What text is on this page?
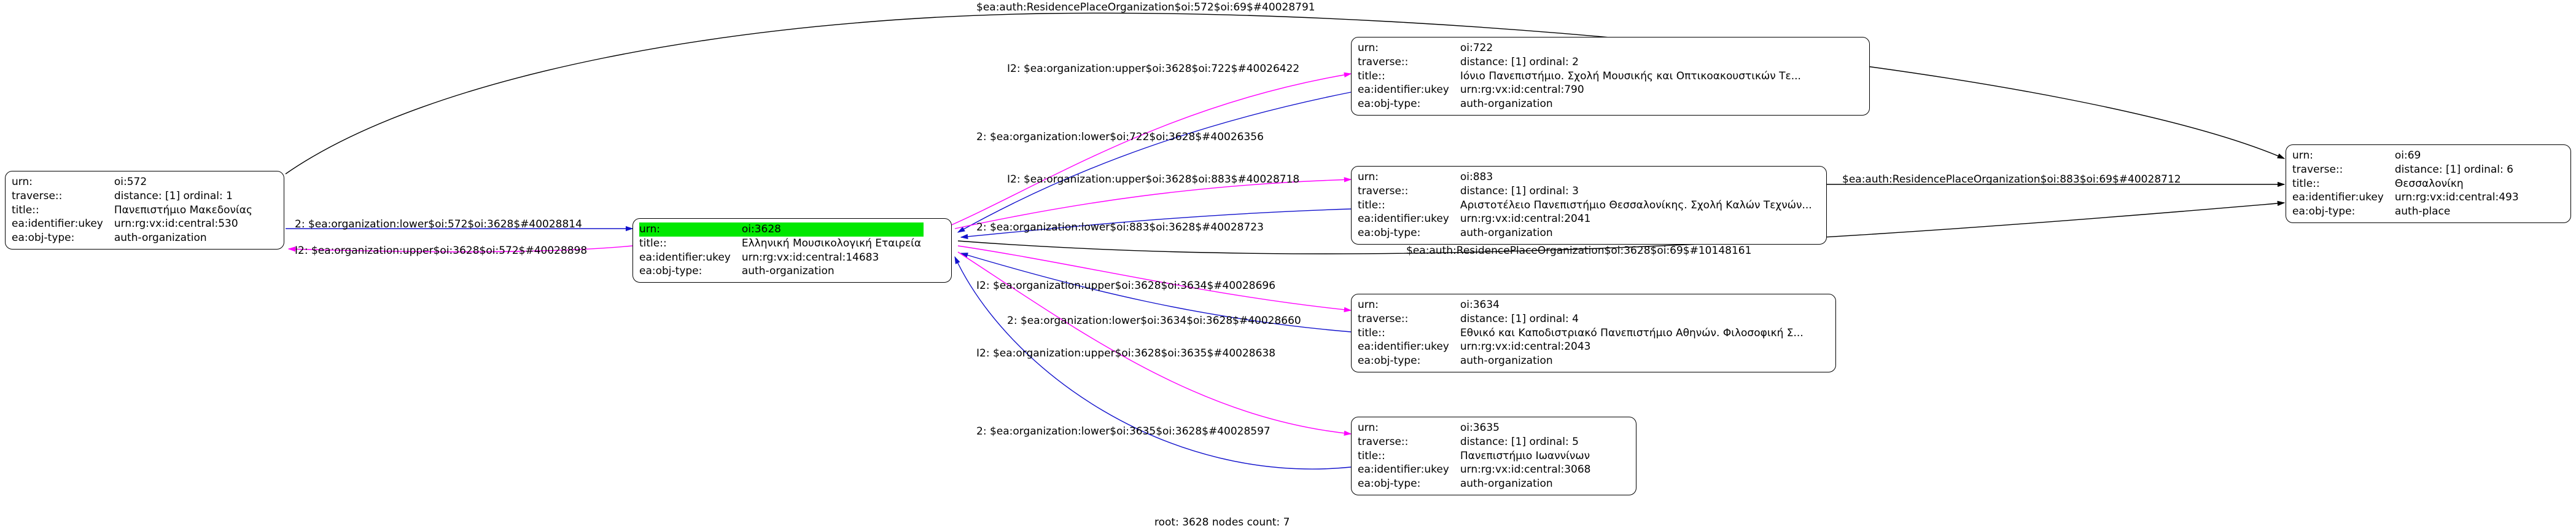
urn:	oi:572
traverse::	distance: [1] ordinal: 1
title::	Πανεπιστήμιο Μακεδονίας
ea:identifier:ukey	urn:rg:vx:id:central:530
ea:obj-type:	auth-organization
urn:	oi:3628
title::	Ελληνική Μουσικολογική Εταιρεία
ea:identifier:ukey	urn:rg:vx:id:central:14683
ea:obj-type:	auth-organization
urn:	oi:722
traverse::	distance: [1] ordinal: 2
title::	Ιόνιο Πανεπιστήμιο. Σχολή Μουσικής και Οπτικοακουστικών Τε...
ea:identifier:ukey	urn:rg:vx:id:central:790
ea:obj-type:	auth-organization
urn:	oi:883
traverse::	distance: [1] ordinal: 3
title::	Αριστοτέλειο Πανεπιστήμιο Θεσσαλονίκης. Σχολή Καλών Τεχνών...
ea:identifier:ukey	urn:rg:vx:id:central:2041
ea:obj-type:	auth-organization
urn:	oi:3634
traverse::	distance: [1] ordinal: 4
title::	Εθνικό και Καποδιστριακό Πανεπιστήμιο Αθηνών. Φιλοσοφική Σ...
ea:identifier:ukey	urn:rg:vx:id:central:2043
ea:obj-type:	auth-organization
urn:	oi:3635
traverse::	distance: [1] ordinal: 5
title::	Πανεπιστήμιο Ιωαννίνων
ea:identifier:ukey	urn:rg:vx:id:central:3068
ea:obj-type:	auth-organization
urn:	oi:69
traverse::	distance: [1] ordinal: 6
title::	Θεσσαλονίκη
ea:identifier:ukey	urn:rg:vx:id:central:493
ea:obj-type:	auth-place
$ea:auth:ResidencePlaceOrganization$oi:572$oi:69$#40028791
I2: $ea:organization:upper$oi:3628$oi:722$#40026422
2: $ea:organization:lower$oi:722$oi:3628$#40026356
I2: $ea:organization:upper$oi:3628$oi:883$#40028718
2: $ea:organization:lower$oi:883$oi:3628$#40028723
I2: $ea:organization:upper$oi:3628$oi:3634$#40028696
2: $ea:organization:lower$oi:3634$oi:3628$#40028660
I2: $ea:organization:upper$oi:3628$oi:3635$#40028638
2: $ea:organization:lower$oi:3635$oi:3628$#40028597
2: $ea:organization:lower$oi:572$oi:3628$#40028814
I2: $ea:organization:upper$oi:3628$oi:572$#40028898
$ea:auth:ResidencePlaceOrganization$oi:883$oi:69$#40028712
$ea:auth:ResidencePlaceOrganization$oi:3628$oi:69$#10148161
root: 3628 nodes count: 7
